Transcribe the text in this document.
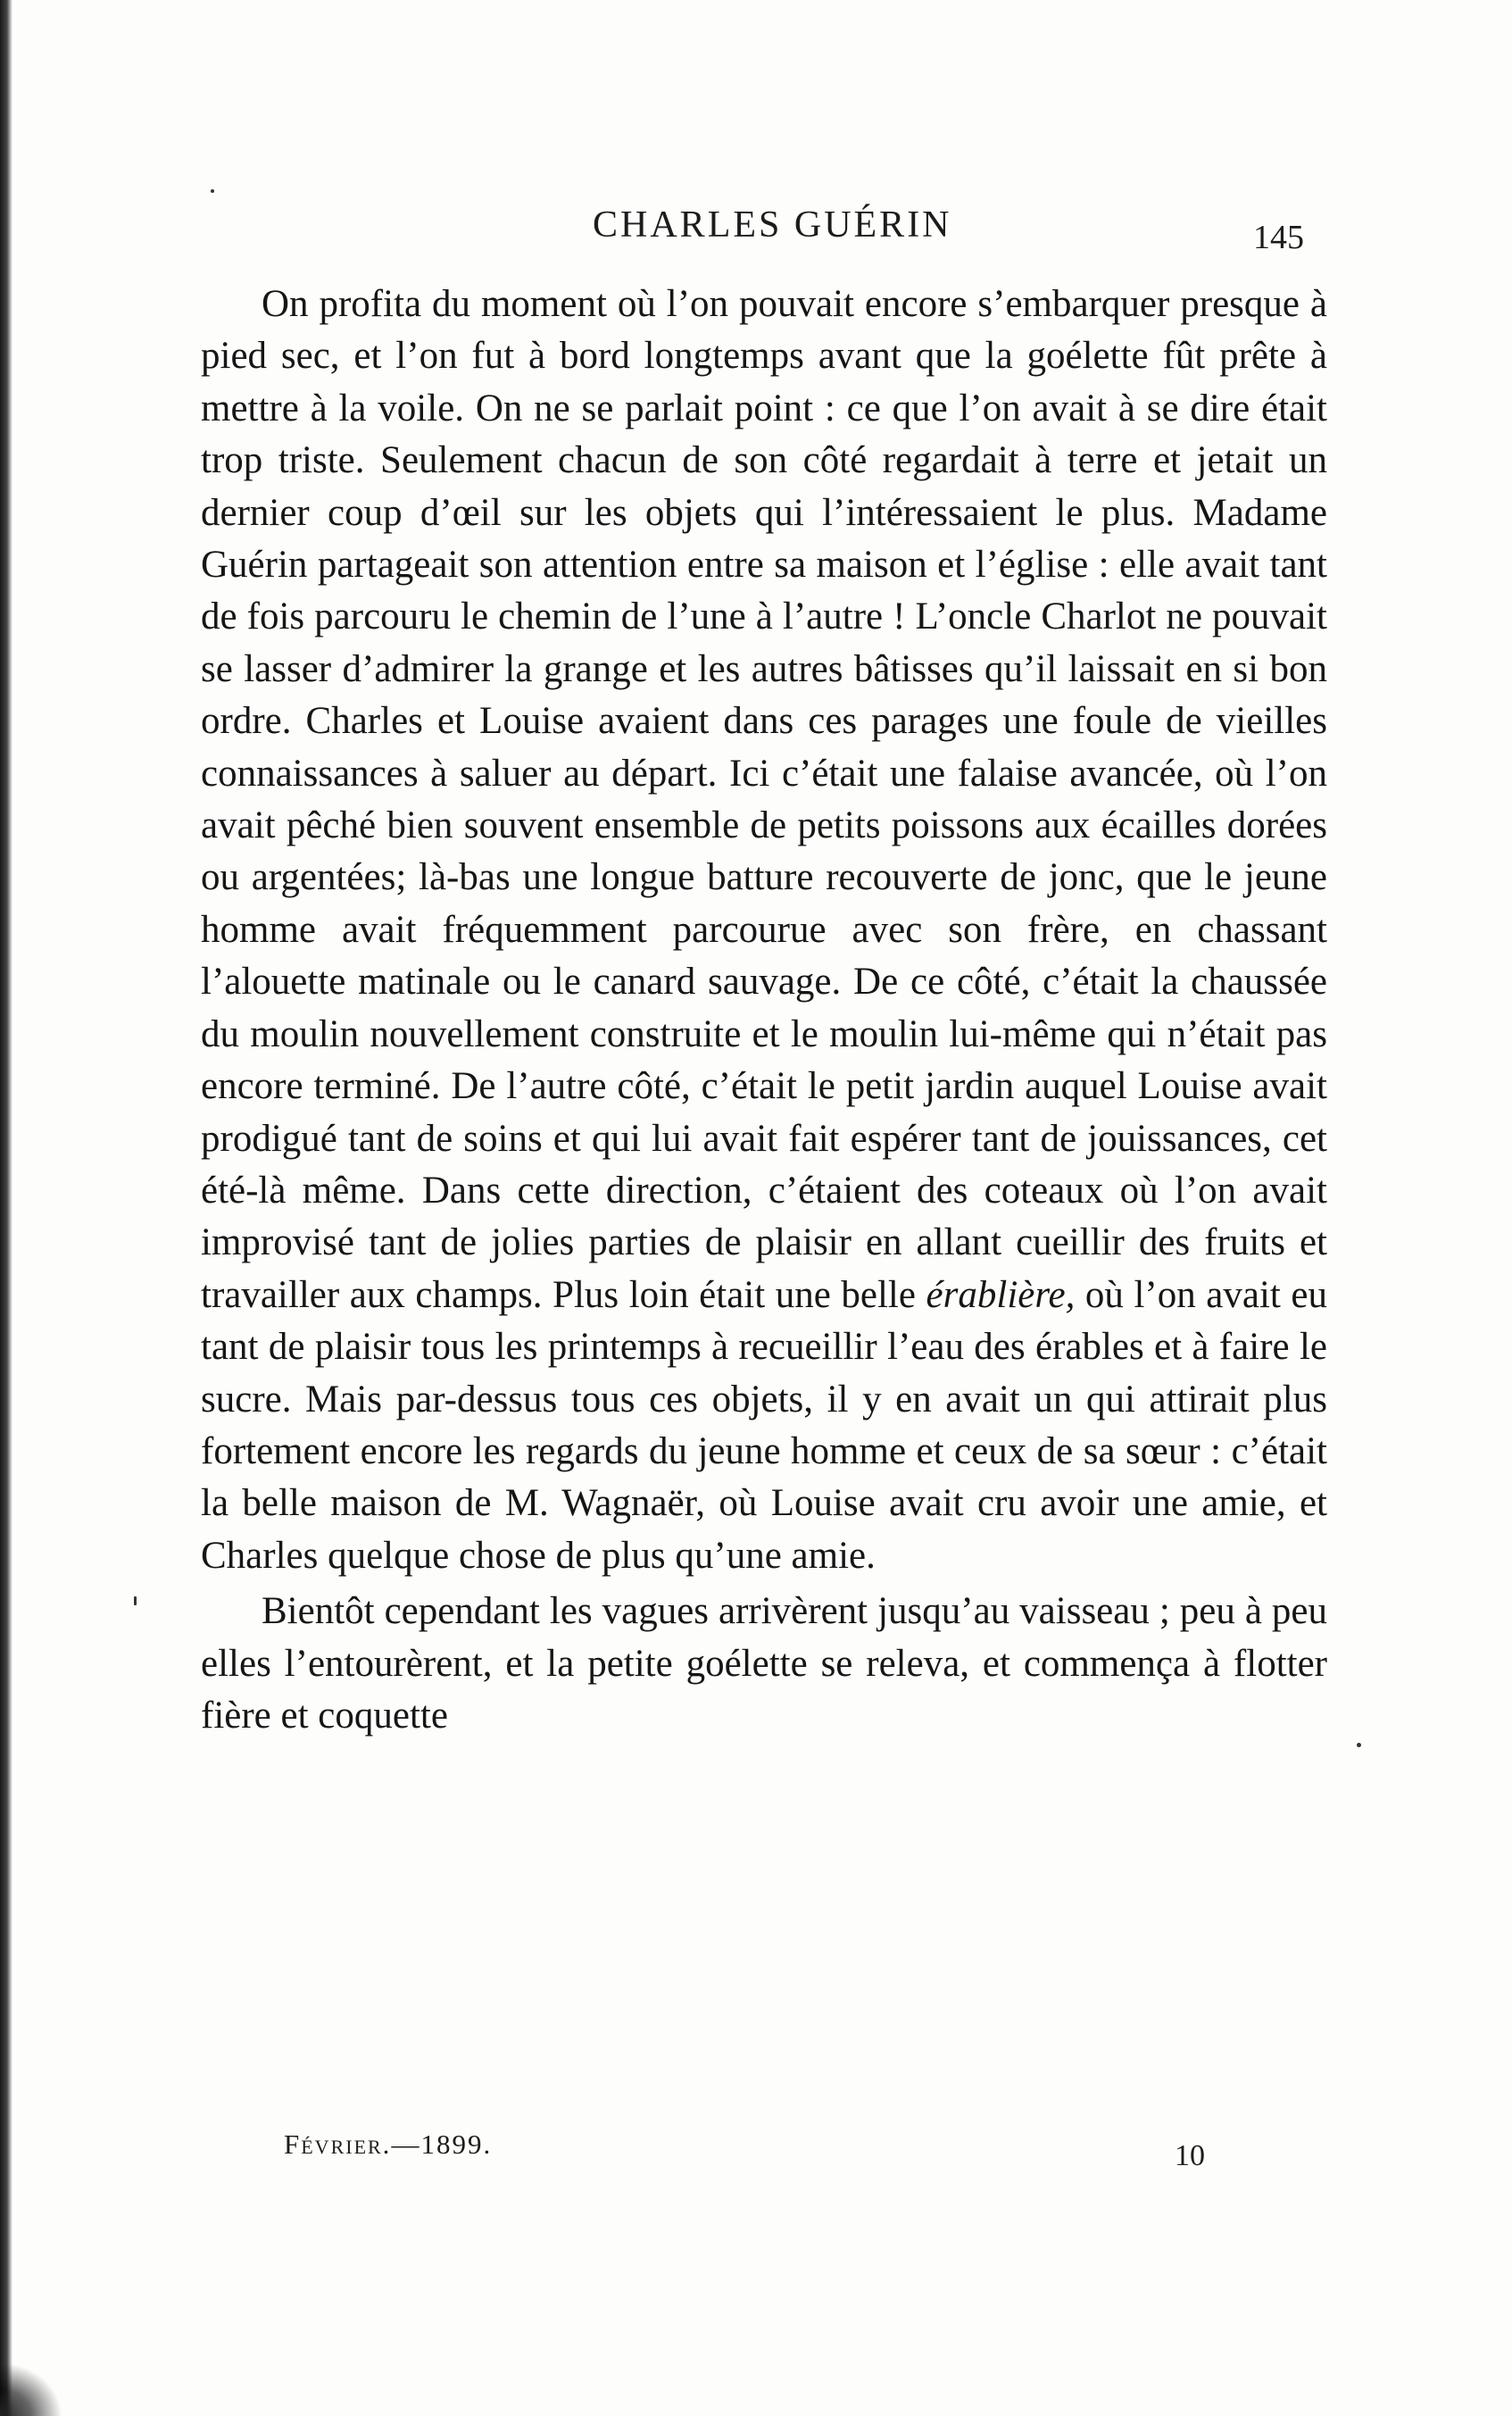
CHARLES GUÉRIN	145

On profita du moment où l’on pouvait encore s’embarquer presque à pied sec, et l’on fut à bord longtemps avant que la goélette fût prête à mettre à la voile. On ne se parlait point : ce que l’on avait à se dire était trop triste. Seulement chacun de son côté regardait à terre et jetait un dernier coup d’œil sur les objets qui l’intéressaient le plus. Madame Guérin partageait son attention entre sa maison et l’église : elle avait tant de fois parcouru le chemin de l’une à l’autre ! L’oncle Charlot ne pouvait se lasser d’admirer la grange et les autres bâtisses qu’il laissait en si bon ordre. Charles et Louise avaient dans ces parages une foule de vieilles connaissances à saluer au départ. Ici c’était une falaise avancée, où l’on avait pêché bien souvent ensemble de petits poissons aux écailles dorées ou argentées; là-bas une longue batture recouverte de jonc, que le jeune homme avait fréquemment parcourue avec son frère, en chassant l’alouette matinale ou le canard sauvage. De ce côté, c’était la chaussée du moulin nouvellement construite et le moulin lui-même qui n’était pas encore terminé. De l’autre côté, c’était le petit jardin auquel Louise avait prodigué tant de soins et qui lui avait fait espérer tant de jouissances, cet été-là même. Dans cette direction, c’étaient des coteaux où l’on avait improvisé tant de jolies parties de plaisir en allant cueillir des fruits et travailler aux champs. Plus loin était une belle érablière, où l’on avait eu tant de plaisir tous les printemps à recueillir l’eau des érables et à faire le sucre. Mais par-dessus tous ces objets, il y en avait un qui attirait plus fortement encore les regards du jeune homme et ceux de sa sœur : c’était la belle maison de M. Wagnaër, où Louise avait cru avoir une amie, et Charles quelque chose de plus qu’une amie.

Bientôt cependant les vagues arrivèrent jusqu’au vaisseau ; peu à peu elles l’entourèrent, et la petite goélette se releva, et commença à flotter fière et coquette

Février.—1899.	10
